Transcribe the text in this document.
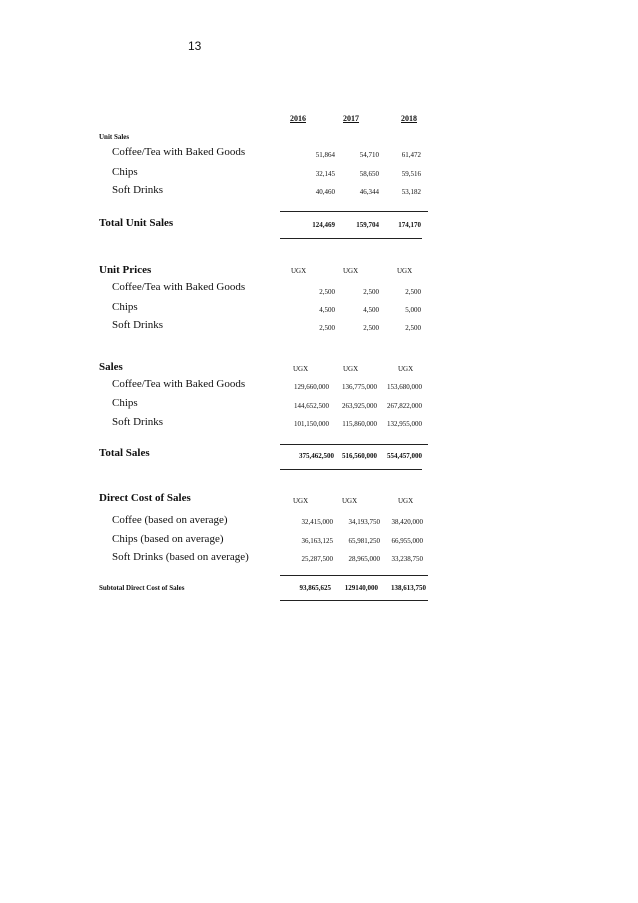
13
2016	2017	2018
Unit Sales
Coffee/Tea with Baked Goods	51,864	54,710	61,472
Chips	32,145	58,650	59,516
Soft Drinks	40,460	46,344	53,182
Total Unit Sales	124,469	159,704	174,170
Unit Prices	UGX	UGX	UGX
Coffee/Tea with Baked Goods	2,500	2,500	2,500
Chips	4,500	4,500	5,000
Soft Drinks	2,500	2,500	2,500
Sales	UGX	UGX	UGX
Coffee/Tea with Baked Goods	129,660,000	136,775,000	153,680,000
Chips	144,652,500	263,925,000	267,822,000
Soft Drinks	101,150,000	115,860,000	132,955,000
Total Sales	375,462,500	516,560,000	554,457,000
Direct Cost of Sales	UGX	UGX	UGX
Coffee (based on average)	32,415,000	34,193,750	38,420,000
Chips (based on average)	36,163,125	65,981,250	66,955,000
Soft Drinks (based on average)	25,287,500	28,965,000	33,238,750
Subtotal Direct Cost of Sales	93,865,625	129140,000	138,613,750
